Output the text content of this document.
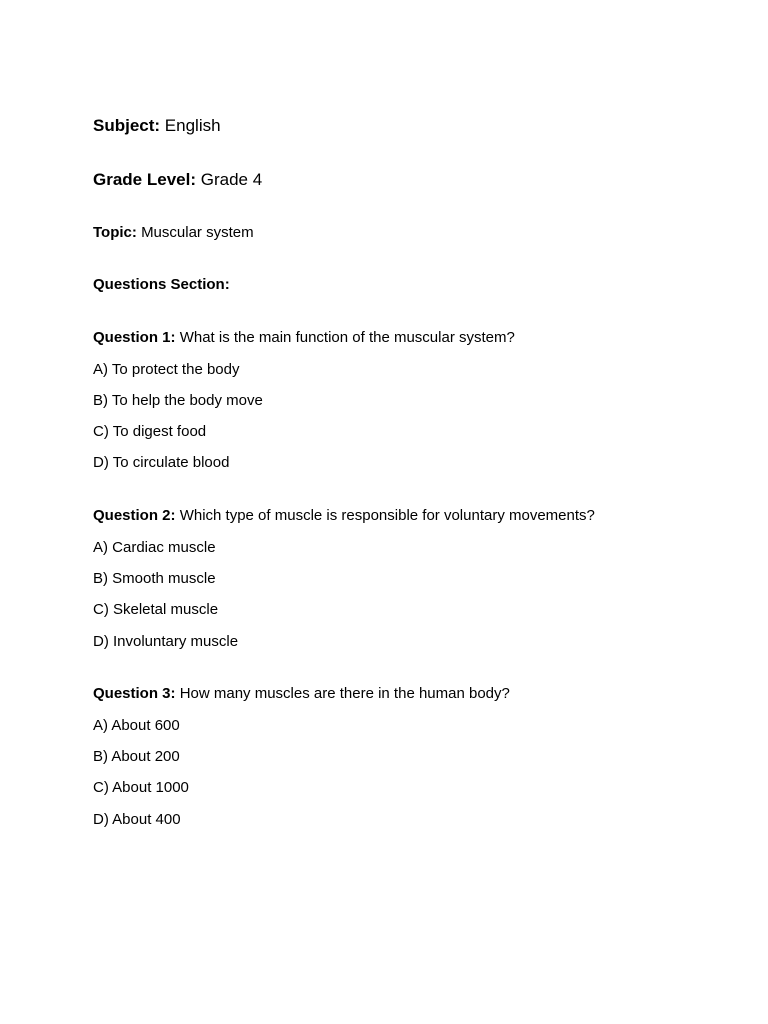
Subject: English
Grade Level: Grade 4
Topic: Muscular system
Questions Section:
Question 1: What is the main function of the muscular system?
A) To protect the body
B) To help the body move
C) To digest food
D) To circulate blood
Question 2: Which type of muscle is responsible for voluntary movements?
A) Cardiac muscle
B) Smooth muscle
C) Skeletal muscle
D) Involuntary muscle
Question 3: How many muscles are there in the human body?
A) About 600
B) About 200
C) About 1000
D) About 400
